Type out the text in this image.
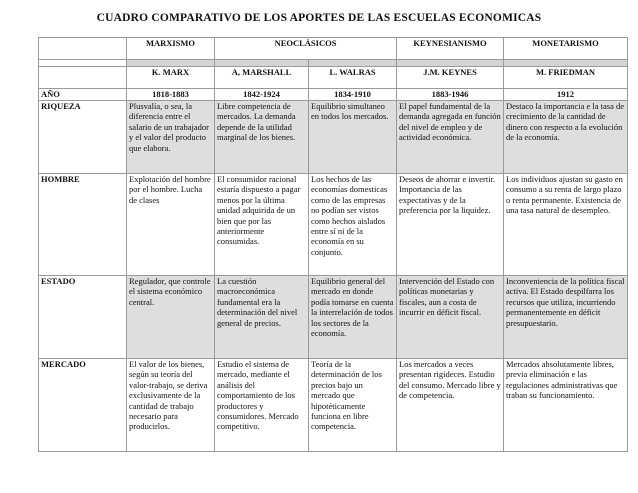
CUADRO COMPARATIVO DE LOS APORTES DE LAS ESCUELAS ECONOMICAS
	MARXISMO	NEOCLÁSICOS		KEYNESIANISMO	MONETARISMO

	K. MARX	A, MARSHALL	L. WALRAS	J.M. KEYNES	M. FRIEDMAN
AÑO	1818-1883	1842-1924	1834-1910	1883-1946	1912
RIQUEZA	Plusvalía, o sea, la diferencia entre el salario de un trabajador y el valor del producto que elabora.	Libre competencia de mercados. La demanda depende de la utilidad marginal de los bienes.	Equilibrio simultaneo en todos los mercados.	El papel fundamental de la demanda agregada en función del nivel de empleo y de actividad económica.	Destaco la importancia e la tasa de crecimiento de la cantidad de dinero con respecto a la evolución de la economía.
HOMBRE	Explotación del hombre por el hombre. Lucha de clases	El consumidor racional estaría dispuesto a pagar menos por la última unidad adquirida de un bien que por las anteriormente consumidas.	Los hechos de las economías domesticas como de las empresas no podían ser vistos como hechos aislados entre sí ni de la economía en su conjunto.	Deseos de ahorrar e invertir. Importancia de las expectativas y de la preferencia por la liquidez.	Los individuos ajustan su gasto en consumo a su renta de largo plazo o renta permanente. Existencia de una tasa natural de desempleo.
ESTADO	Regulador, que controle el sistema económico central.	La cuestión macroeconómica fundamental era la determinación del nivel general de precios.	Equilibrio general del mercado en donde podía tomarse en cuenta la interrelación de todos los sectores de la economía.	Intervención del Estado con políticas monetarias y fiscales, aun a costa de incurrir en déficit fiscal.	Inconveniencia de la política fiscal activa. El Estado despilfarra los recursos que utiliza, incurriendo permanentemente en déficit presupuestario.
MERCADO	El valor de los bienes, según su teoría del valor-trabajo, se deriva exclusivamente de la cantidad de trabajo necesario para producirlos.	Estudio el sistema de mercado, mediante el análisis del comportamiento de los productores y consumidores. Mercado competitivo.	Teoría de la determinación de los precios bajo un mercado que hipotéticamente funciona en libre competencia.	Los mercados a veces presentan rigideces. Estudio del consumo. Mercado libre y de competencia.	Mercados absolutamente libres, previa eliminación e las regulaciones administrativas que traban su funcionamiento.
